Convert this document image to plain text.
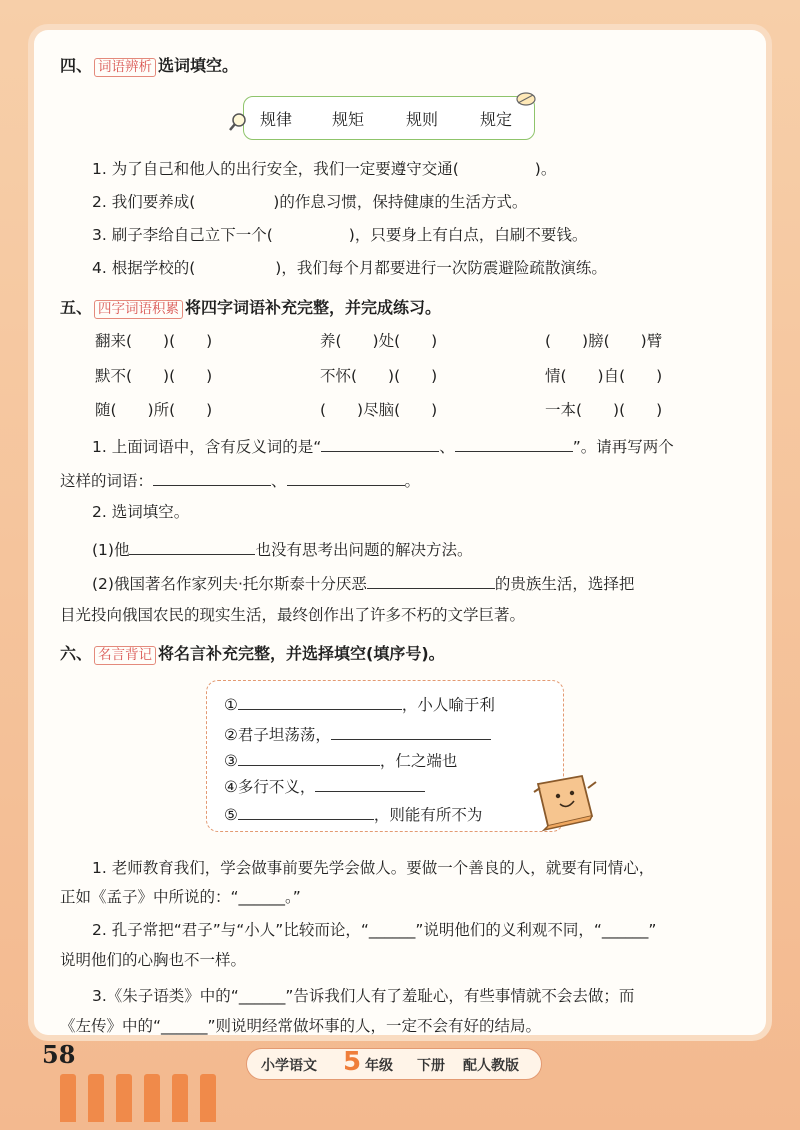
四、 词语辨析 选词填空。
规律 规矩	规则	规定
1. 为了自己和他人的出行安全，我们一定要遵守交通(	)。
2. 我们要养成(	)的作息习惯，保持健康的生活方式。
3. 刷子李给自己立下一个(	)，只要身上有白点，白刷不要钱。
4. 根据学校的(	)，我们每个月都要进行一次防震避险疏散演练。
五、 四字词语积累 将四字词语补充完整，并完成练习。
翻来(　　)(　　)	养(　　)处(　　)	(　　)膀(　　)臂
默不(　　)(　　)	不怀(　　)(　　)	情(　　)自(　　)
随(　　)所(　　)	(　　)尽脑(　　)	一本(　　)(　　)
1. 上面词语中，含有反义词的是“	、	”。请再写两个
这样的词语：	、	。
2. 选词填空。
(1)他	也没有思考出问题的解决方法。
(2)俄国著名作家列夫·托尔斯泰十分厌恶	的贵族生活，选择把
目光投向俄国农民的现实生活，最终创作出了许多不朽的文学巨著。
六、 名言背记 将名言补充完整，并选择填空(填序号)。
①	，小人喻于利
②君子坦荡荡，
③	，仁之端也
④多行不义，
⑤	，则能有所不为
1. 老师教育我们，学会做事前要先学会做人。要做一个善良的人，就要有同情心，
正如《孟子》中所说的：“______。”
2. 孔子常把“君子”与“小人”比较而论，“______”说明他们的义利观不同，“______”
说明他们的心胸也不一样。
3.《朱子语类》中的“______”告诉我们人有了羞耻心，有些事情就不会去做；而
《左传》中的“______”则说明经常做坏事的人，一定不会有好的结局。
58	小学语文 5 年级 下册 配人教版
